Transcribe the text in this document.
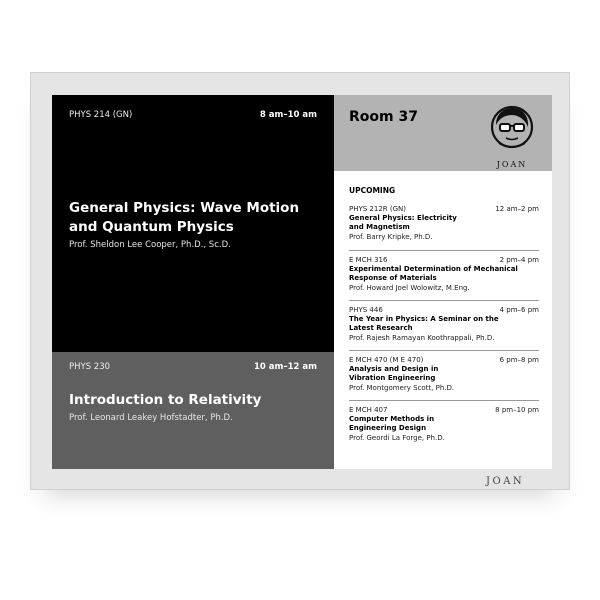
PHYS 214 (GN)	8 am–10 am
General Physics: Wave Motion and Quantum Physics
Prof. Sheldon Lee Cooper, Ph.D., Sc.D.
PHYS 230	10 am–12 am
Introduction to Relativity
Prof. Leonard Leakey Hofstadter, Ph.D.
Room 37
JOAN
UPCOMING
PHYS 212R (GN)	12 am–2 pm
General Physics: Electricity and Magnetism
Prof. Barry Kripke, Ph.D.
E MCH 316	2 pm–4 pm
Experimental Determination of Mechanical Response of Materials
Prof. Howard Joel Wolowitz, M.Eng.
PHYS 446	4 pm–6 pm
The Year in Physics: A Seminar on the Latest Research
Prof. Rajesh Ramayan Koothrappali, Ph.D.
E MCH 470 (M E 470)	6 pm–8 pm
Analysis and Design in Vibration Engineering
Prof. Montgomery Scott, Ph.D.
E MCH 407	8 pm–10 pm
Computer Methods in Engineering Design
Prof. Geordi La Forge, Ph.D.
JOAN
